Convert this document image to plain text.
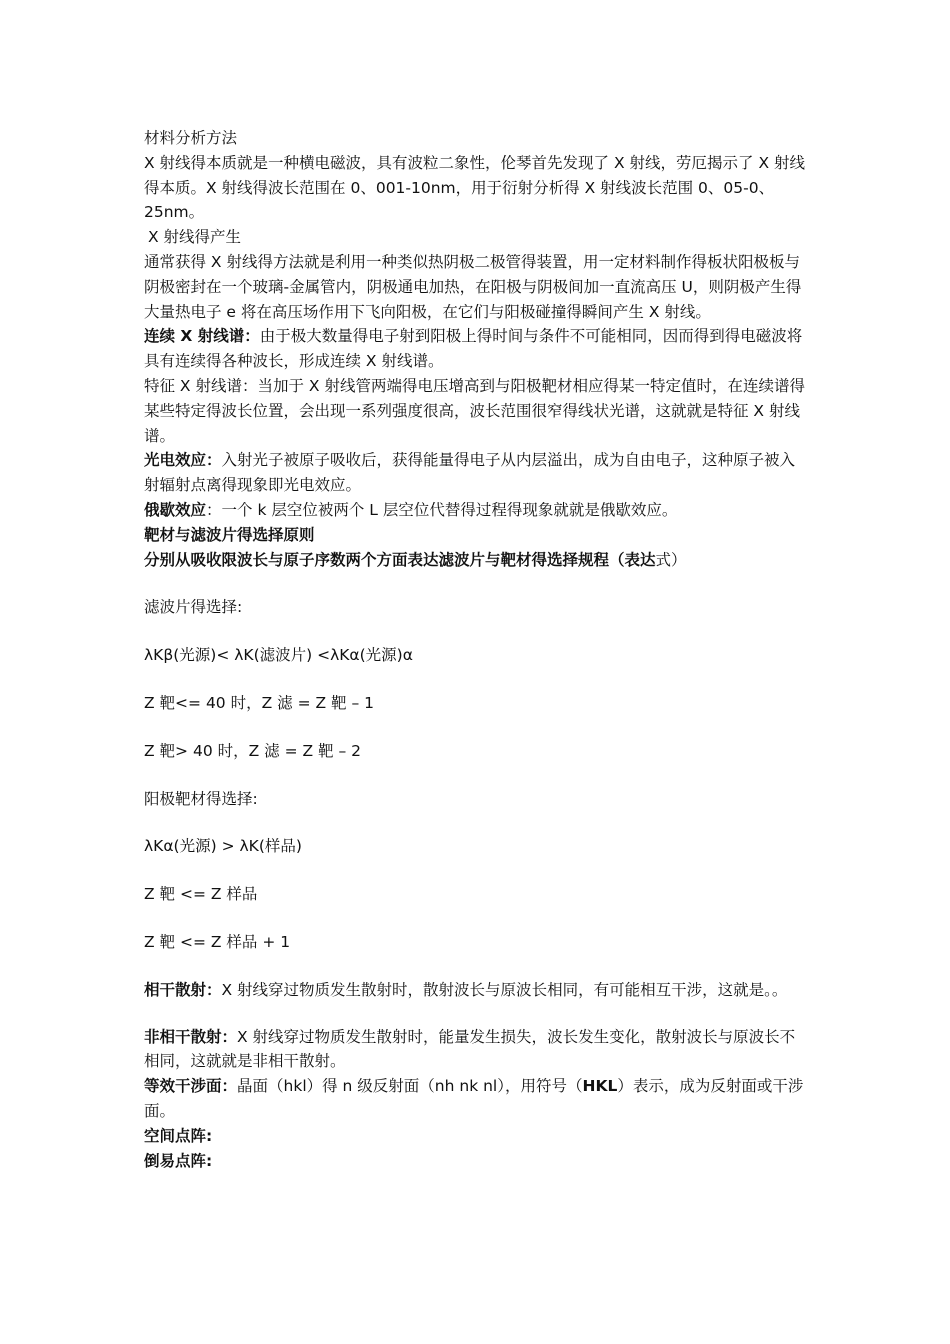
材料分析方法

X 射线得本质就是一种横电磁波，具有波粒二象性，伦琴首先发现了 X 射线，劳厄揭示了 X 射线得本质。X 射线得波长范围在 0、001-10nm，用于衍射分析得 X 射线波长范围 0、05-0、25nm。

X 射线得产生

通常获得 X 射线得方法就是利用一种类似热阴极二极管得装置，用一定材料制作得板状阳极板与阴极密封在一个玻璃-金属管内，阴极通电加热，在阳极与阴极间加一直流高压 U，则阴极产生得大量热电子 e 将在高压场作用下飞向阳极，在它们与阳极碰撞得瞬间产生 X 射线。

连续 X 射线谱：由于极大数量得电子射到阳极上得时间与条件不可能相同，因而得到得电磁波将具有连续得各种波长，形成连续 X 射线谱。

特征 X 射线谱：当加于 X 射线管两端得电压增高到与阳极靶材相应得某一特定值时，在连续谱得某些特定得波长位置，会出现一系列强度很高，波长范围很窄得线状光谱，这就就是特征 X 射线谱。

光电效应：入射光子被原子吸收后，获得能量得电子从内层溢出，成为自由电子，这种原子被入射辐射点离得现象即光电效应。

俄歇效应：一个 k 层空位被两个 L 层空位代替得过程得现象就就是俄歇效应。

靶材与滤波片得选择原则

分别从吸收限波长与原子序数两个方面表达滤波片与靶材得选择规程（表达式）

滤波片得选择:

λKβ(光源)< λK(滤波片) <λKα(光源)α

Z 靶<= 40 时，Z 滤 = Z 靶 – 1

Z 靶> 40 时，Z 滤 = Z 靶 – 2

阳极靶材得选择:

λKα(光源) > λK(样品)

Z 靶 <= Z 样品

Z 靶 <= Z 样品 + 1

相干散射：X 射线穿过物质发生散射时，散射波长与原波长相同，有可能相互干涉，这就是。。

非相干散射：X 射线穿过物质发生散射时，能量发生损失，波长发生变化，散射波长与原波长不相同，这就就是非相干散射。

等效干涉面：晶面（hkl）得 n 级反射面（nh nk nl），用符号（HKL）表示，成为反射面或干涉面。

空间点阵:

倒易点阵:
